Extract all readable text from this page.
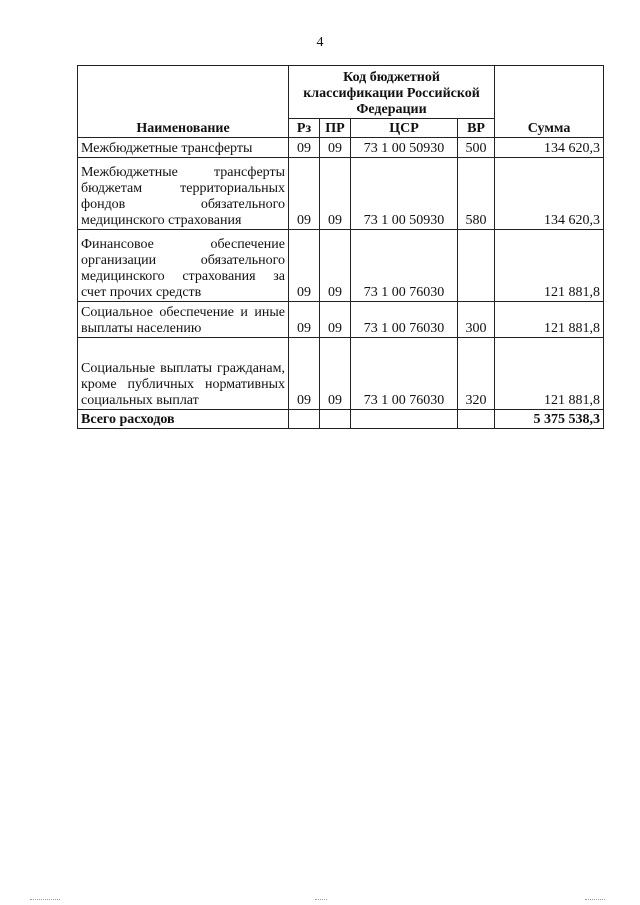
4
Наименование	Код бюджетной классификации Российской Федерации				Сумма
	Рз	ПР	ЦСР	ВР	
Межбюджетные трансферты	09	09	73 1 00 50930	500	134 620,3
Межбюджетные трансферты бюджетам территориальных фондов обязательного медицинского страхования	09	09	73 1 00 50930	580	134 620,3
Финансовое обеспечение организации обязательного медицинского страхования за счет прочих средств	09	09	73 1 00 76030		121 881,8
Социальное обеспечение и иные выплаты населению	09	09	73 1 00 76030	300	121 881,8
Социальные выплаты гражданам, кроме публичных нормативных социальных выплат	09	09	73 1 00 76030	320	121 881,8
Всего расходов					5 375 538,3
